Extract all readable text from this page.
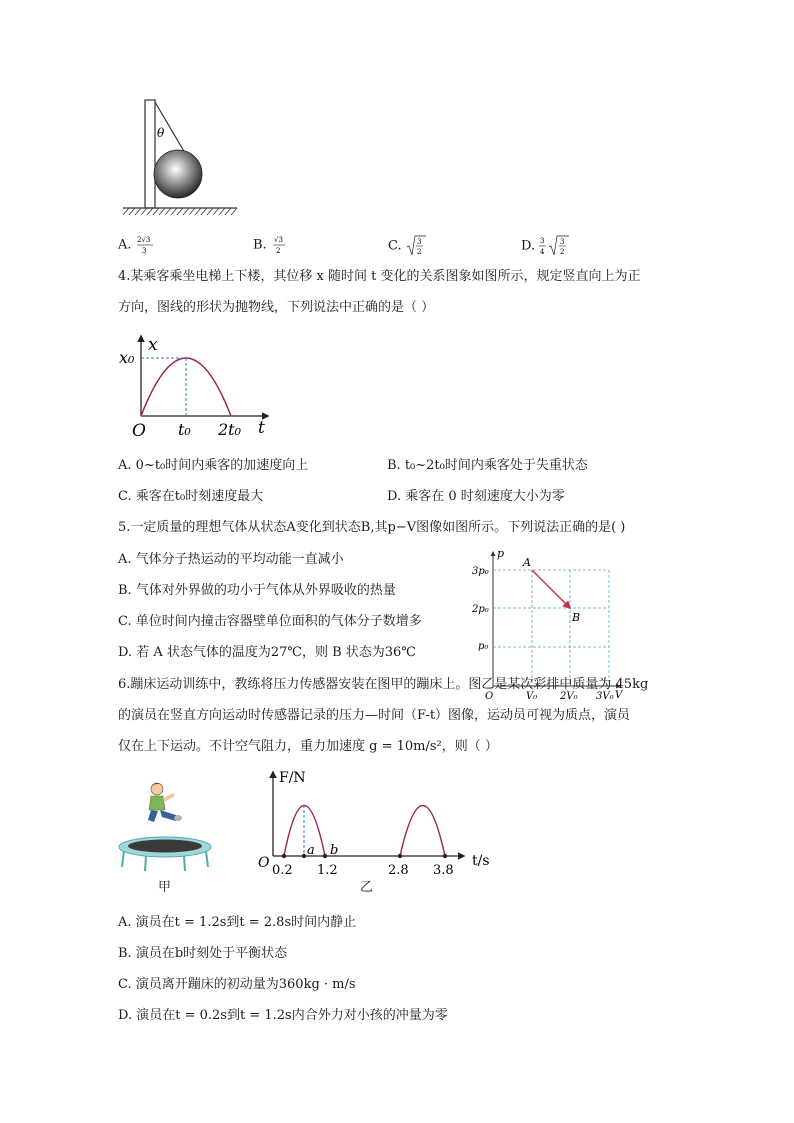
θ
A. 2√3
3	B. √3
2	C. 3
2	D. 3
4
3
2
4.某乘客乘坐电梯上下楼，其位移 x 随时间 t 变化的关系图象如图所示，规定竖直向上为正
方向，图线的形状为抛物线，下列说法中正确的是（ ）
x
x₀
O t₀ 2t₀ t
A. 0~t₀时间内乘客的加速度向上	B. t₀~2t₀时间内乘客处于失重状态
C. 乘客在t₀时刻速度最大	D. 乘客在 0 时刻速度大小为零
5.一定质量的理想气体从状态A变化到状态B,其p−V图像如图所示。下列说法正确的是( )
A. 气体分子热运动的平均动能一直减小
B. 气体对外界做的功小于气体从外界吸收的热量
C. 单位时间内撞击容器壁单位面积的气体分子数增多
D. 若 A 状态气体的温度为27℃，则 B 状态为36℃
p
A
B
3p₀
2p₀
p₀
O	V₀ 2V₀ 3V₀ V
6.蹦床运动训练中，教练将压力传感器安装在图甲的蹦床上。图乙是某次彩排中质量为 45kg
的演员在竖直方向运动时传感器记录的压力—时间（F-t）图像，运动员可视为质点，演员
仅在上下运动。不计空气阻力，重力加速度 g = 10m/s²，则（ ）
甲
F/N
O
a b
0.2 1.2	2.8 3.8
t/s
乙
A. 演员在t = 1.2s到t = 2.8s时间内静止
B. 演员在b时刻处于平衡状态
C. 演员离开蹦床的初动量为360kg · m/s
D. 演员在t = 0.2s到t = 1.2s内合外力对小孩的冲量为零
